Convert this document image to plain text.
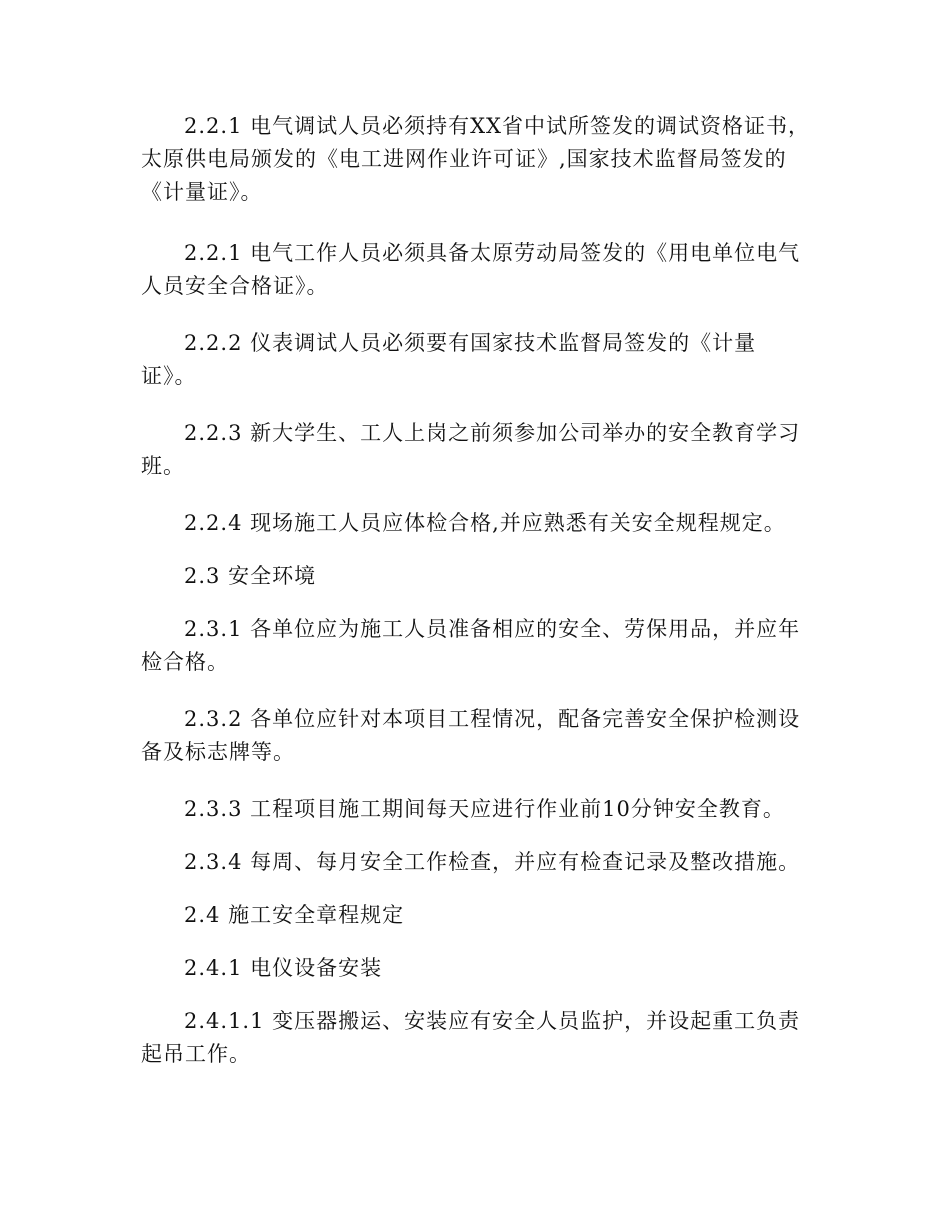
2.2.1 电气调试人员必须持有XX省中试所签发的调试资格证书，
太原供电局颁发的《电工进网作业许可证》,国家技术监督局签发的
《计量证》。
2.2.1 电气工作人员必须具备太原劳动局签发的《用电单位电气
人员安全合格证》。
2.2.2 仪表调试人员必须要有国家技术监督局签发的《计量
证》。
2.2.3 新大学生、工人上岗之前须参加公司举办的安全教育学习
班。
2.2.4 现场施工人员应体检合格,并应熟悉有关安全规程规定。
2.3 安全环境
2.3.1 各单位应为施工人员准备相应的安全、劳保用品，并应年
检合格。
2.3.2 各单位应针对本项目工程情况，配备完善安全保护检测设
备及标志牌等。
2.3.3 工程项目施工期间每天应进行作业前10分钟安全教育。
2.3.4 每周、每月安全工作检查，并应有检查记录及整改措施。
2.4 施工安全章程规定
2.4.1 电仪设备安装
2.4.1.1 变压器搬运、安装应有安全人员监护，并设起重工负责
起吊工作。
